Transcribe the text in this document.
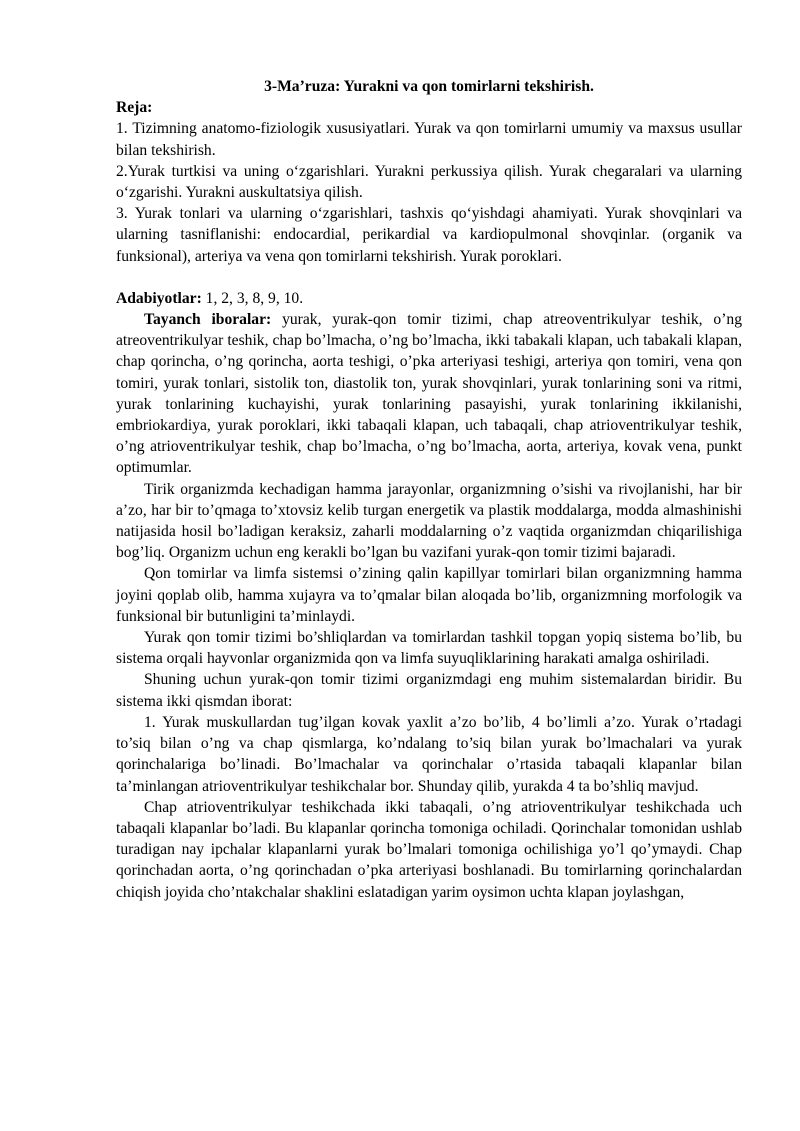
3-Ma’ruza: Yurakni va qon tomirlarni tekshirish.

Reja:

1. Tizimning anatomo-fiziologik xususiyatlari. Yurak va qon tomirlarni umumiy va maxsus usullar bilan tekshirish.

2.Yurak turtkisi va uning o‘zgarishlari. Yurakni perkussiya qilish. Yurak chegaralari va ularning o‘zgarishi. Yurakni auskultatsiya qilish.

3. Yurak tonlari va ularning o‘zgarishlari, tashxis qo‘yishdagi ahamiyati. Yurak shovqinlari va ularning tasniflanishi: endocardial, perikardial va kardiopulmonal shovqinlar. (organik va funksional), arteriya va vena qon tomirlarni tekshirish. Yurak poroklari.

Adabiyotlar: 1, 2, 3, 8, 9, 10.

Tayanch iboralar: yurak, yurak-qon tomir tizimi, chap atreoventrikulyar teshik, o’ng atreoventrikulyar teshik, chap bo’lmacha, o’ng bo’lmacha, ikki tabakali klapan, uch tabakali klapan, chap qorincha, o’ng qorincha, aorta teshigi, o’pka arteriyasi teshigi, arteriya qon tomiri, vena qon tomiri, yurak tonlari, sistolik ton, diastolik ton, yurak shovqinlari, yurak tonlarining soni va ritmi, yurak tonlarining kuchayishi, yurak tonlarining pasayishi, yurak tonlarining ikkilanishi, embriokardiya, yurak poroklari, ikki tabaqali klapan, uch tabaqali, chap atrioventrikulyar teshik, o’ng atrioventrikulyar teshik, chap bo’lmacha, o’ng bo’lmacha, aorta, arteriya, kovak vena, punkt optimumlar.

Tirik organizmda kechadigan hamma jarayonlar, organizmning o’sishi va rivojlanishi, har bir a’zo, har bir to’qmaga to’xtovsiz kelib turgan energetik va plastik moddalarga, modda almashinishi natijasida hosil bo’ladigan keraksiz, zaharli moddalarning o’z vaqtida organizmdan chiqarilishiga bog’liq. Organizm uchun eng kerakli bo’lgan bu vazifani yurak-qon tomir tizimi bajaradi.

Qon tomirlar va limfa sistemsi o’zining qalin kapillyar tomirlari bilan organizmning hamma joyini qoplab olib, hamma xujayra va to’qmalar bilan aloqada bo’lib, organizmning morfologik va funksional bir butunligini ta’minlaydi.

Yurak qon tomir tizimi bo’shliqlardan va tomirlardan tashkil topgan yopiq sistema bo’lib, bu sistema orqali hayvonlar organizmida qon va limfa suyuqliklarining harakati amalga oshiriladi.

Shuning uchun yurak-qon tomir tizimi organizmdagi eng muhim sistemalardan biridir. Bu sistema ikki qismdan iborat:

1. Yurak muskullardan tug’ilgan kovak yaxlit a’zo bo’lib, 4 bo’limli a’zo. Yurak o’rtadagi to’siq bilan o’ng va chap qismlarga, ko’ndalang to’siq bilan yurak bo’lmachalari va yurak qorinchalariga bo’linadi. Bo’lmachalar va qorinchalar o’rtasida tabaqali klapanlar bilan ta’minlangan atrioventrikulyar teshikchalar bor. Shunday qilib, yurakda 4 ta bo’shliq mavjud.

Chap atrioventrikulyar teshikchada ikki tabaqali, o’ng atrioventrikulyar teshikchada uch tabaqali klapanlar bo’ladi. Bu klapanlar qorincha tomoniga ochiladi. Qorinchalar tomonidan ushlab turadigan nay ipchalar klapanlarni yurak bo’lmalari tomoniga ochilishiga yo’l qo’ymaydi. Chap qorinchadan aorta, o’ng qorinchadan o’pka arteriyasi boshlanadi. Bu tomirlarning qorinchalardan chiqish joyida cho’ntakchalar shaklini eslatadigan yarim oysimon uchta klapan joylashgan,
